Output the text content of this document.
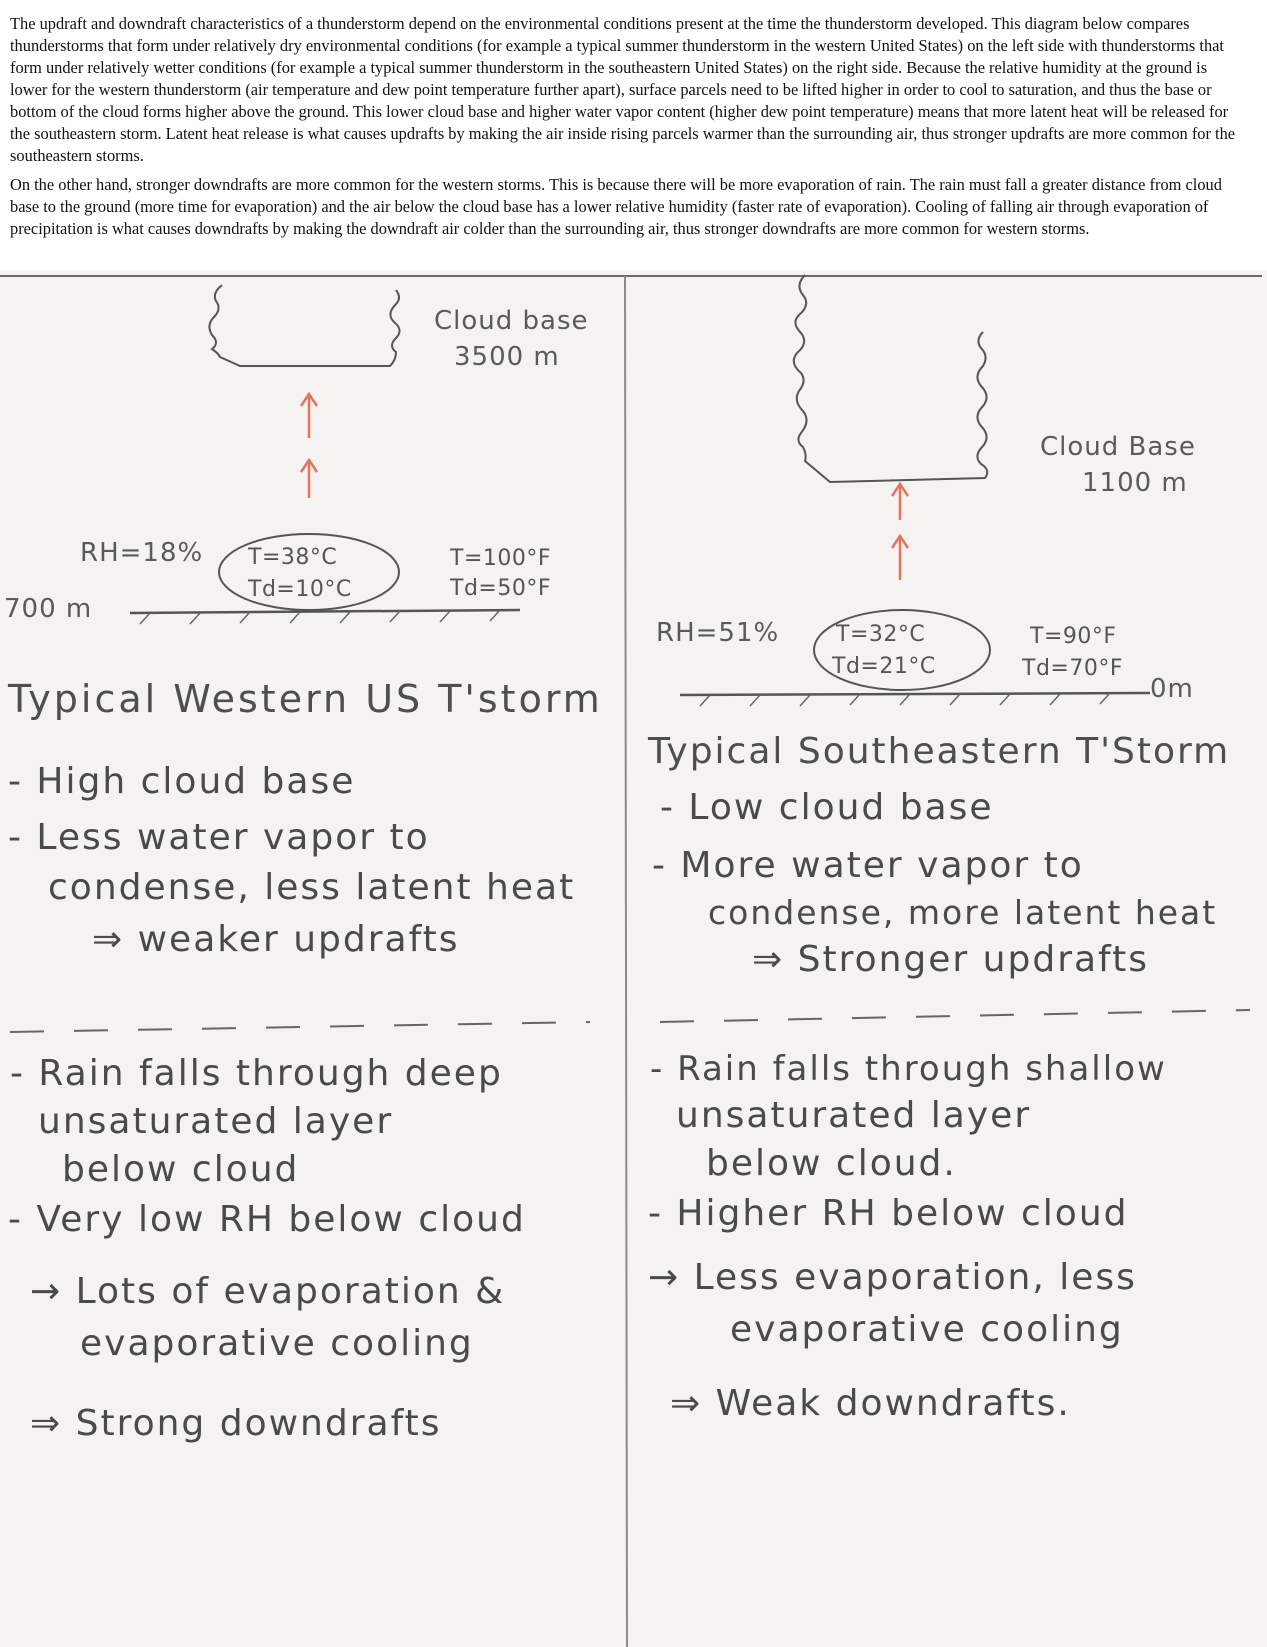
The updraft and downdraft characteristics of a thunderstorm depend on the environmental conditions present at the time the thunderstorm developed. This diagram below compares thunderstorms that form under relatively dry environmental conditions (for example a typical summer thunderstorm in the western United States) on the left side with thunderstorms that form under relatively wetter conditions (for example a typical summer thunderstorm in the southeastern United States) on the right side. Because the relative humidity at the ground is lower for the western thunderstorm (air temperature and dew point temperature further apart), surface parcels need to be lifted higher in order to cool to saturation, and thus the base or bottom of the cloud forms higher above the ground. This lower cloud base and higher water vapor content (higher dew point temperature) means that more latent heat will be released for the southeastern storm. Latent heat release is what causes updrafts by making the air inside rising parcels warmer than the surrounding air, thus stronger updrafts are more common for the southeastern storms.

On the other hand, stronger downdrafts are more common for the western storms. This is because there will be more evaporation of rain. The rain must fall a greater distance from cloud base to the ground (more time for evaporation) and the air below the cloud base has a lower relative humidity (faster rate of evaporation). Cooling of falling air through evaporation of precipitation is what causes downdrafts by making the downdraft air colder than the surrounding air, thus stronger downdrafts are more common for western storms.

Cloud base
3500 m
RH=18% T=38°C
Td=10°C
T=100°F
Td=50°F
700 m
Typical Western US T'storm
- High cloud base
- Less water vapor to
condense, less latent heat
⇒ weaker updrafts
- Rain falls through deep
unsaturated layer
below cloud
- Very low RH below cloud
→ Lots of evaporation &
evaporative cooling
⇒ Strong downdrafts
Cloud Base
1100 m
RH=51%	T=32°C
Td=21°C
T=90°F
Td=70°F
0m
Typical Southeastern T'Storm
- Low cloud base
- More water vapor to
condense, more latent heat
⇒ Stronger updrafts
- Rain falls through shallow
unsaturated layer
below cloud.
- Higher RH below cloud
→ Less evaporation, less
evaporative cooling
⇒ Weak downdrafts.
